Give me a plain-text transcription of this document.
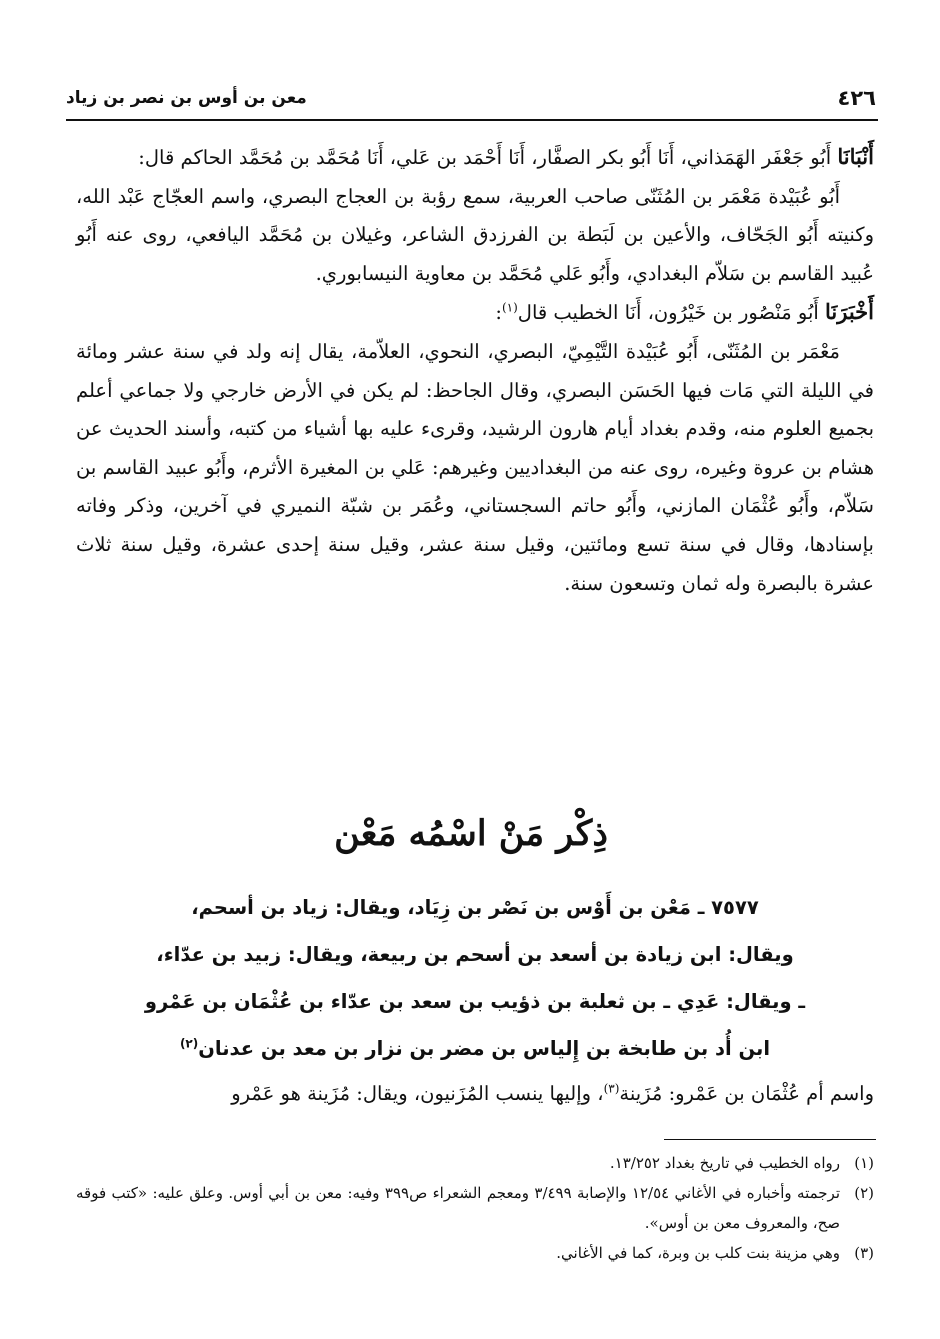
٤٢٦
معن بن أوس بن نصر بن زياد

أَنْبَانَا أَبُو جَعْفَر الهَمَذاني، أَنَا أَبُو بكر الصفَّار، أَنَا أَحْمَد بن عَلي، أَنَا مُحَمَّد بن مُحَمَّد الحاكم قال:

أَبُو عُبَيْدة مَعْمَر بن المُثَنّى صاحب العربية، سمع رؤبة بن العجاج البصري، واسم العجّاج عَبْد الله، وكنيته أَبُو الجَحّاف، والأعين بن لَبَطة بن الفرزدق الشاعر، وغيلان بن مُحَمَّد اليافعي، روى عنه أَبُو عُبيد القاسم بن سَلاّم البغدادي، وأَبُو عَلي مُحَمَّد بن معاوية النيسابوري.

أَخْبَرَنَا أَبُو مَنْصُور بن خَيْرُون، أَنَا الخطيب قال$^{(١)}$:

مَعْمَر بن المُثَنّى، أَبُو عُبَيْدة التَّيْمِيّ، البصري، النحوي، العلاّمة، يقال إنه ولد في سنة عشر ومائة في الليلة التي مَات فيها الحَسَن البصري، وقال الجاحظ: لم يكن في الأرض خارجي ولا جماعي أعلم بجميع العلوم منه، وقدم بغداد أيام هارون الرشيد، وقرىء عليه بها أشياء من كتبه، وأسند الحديث عن هشام بن عروة وغيره، روى عنه من البغداديين وغيرهم: عَلي بن المغيرة الأثرم، وأَبُو عبيد القاسم بن سَلاّم، وأَبُو عُثْمَان المازني، وأَبُو حاتم السجستاني، وعُمَر بن شبّة النميري في آخرين، وذكر وفاته بإسنادها، وقال في سنة تسع ومائتين، وقيل سنة عشر، وقيل سنة إحدى عشرة، وقيل سنة ثلاث عشرة بالبصرة وله ثمان وتسعون سنة.

ذِكْر مَنْ اسْمُه مَعْن

٧٥٧٧ ـ مَعْن بن أَوْس بن نَصْر بن زِيَاد، ويقال: زياد بن أسحم،

ويقال: ابن زيادة بن أسعد بن أسحم بن ربيعة، ويقال: زبيد بن عدّاء،

ـ ويقال: عَدِي ـ بن ثعلبة بن ذؤيب بن سعد بن عدّاء بن عُثْمَان بن عَمْرو

ابن أُد بن طابخة بن إِلياس بن مضر بن نزار بن معد بن عدنان$^{(٢)}$

واسم أم عُثْمَان بن عَمْرو: مُزَينة$^{(٣)}$، وإليها ينسب المُزَنيون، ويقال: مُزَينة هو عَمْرو
(١)
رواه الخطيب في تاريخ بغداد ١٣/٢٥٢.
(٢)
ترجمته وأخباره في الأغاني ١٢/٥٤ والإصابة ٣/٤٩٩ ومعجم الشعراء ص٣٩٩ وفيه: معن بن أبي أوس. وعلق عليه: «كتب فوقه صح، والمعروف معن بن أوس».
(٣)
وهي مزينة بنت كلب بن وبرة، كما في الأغاني.
